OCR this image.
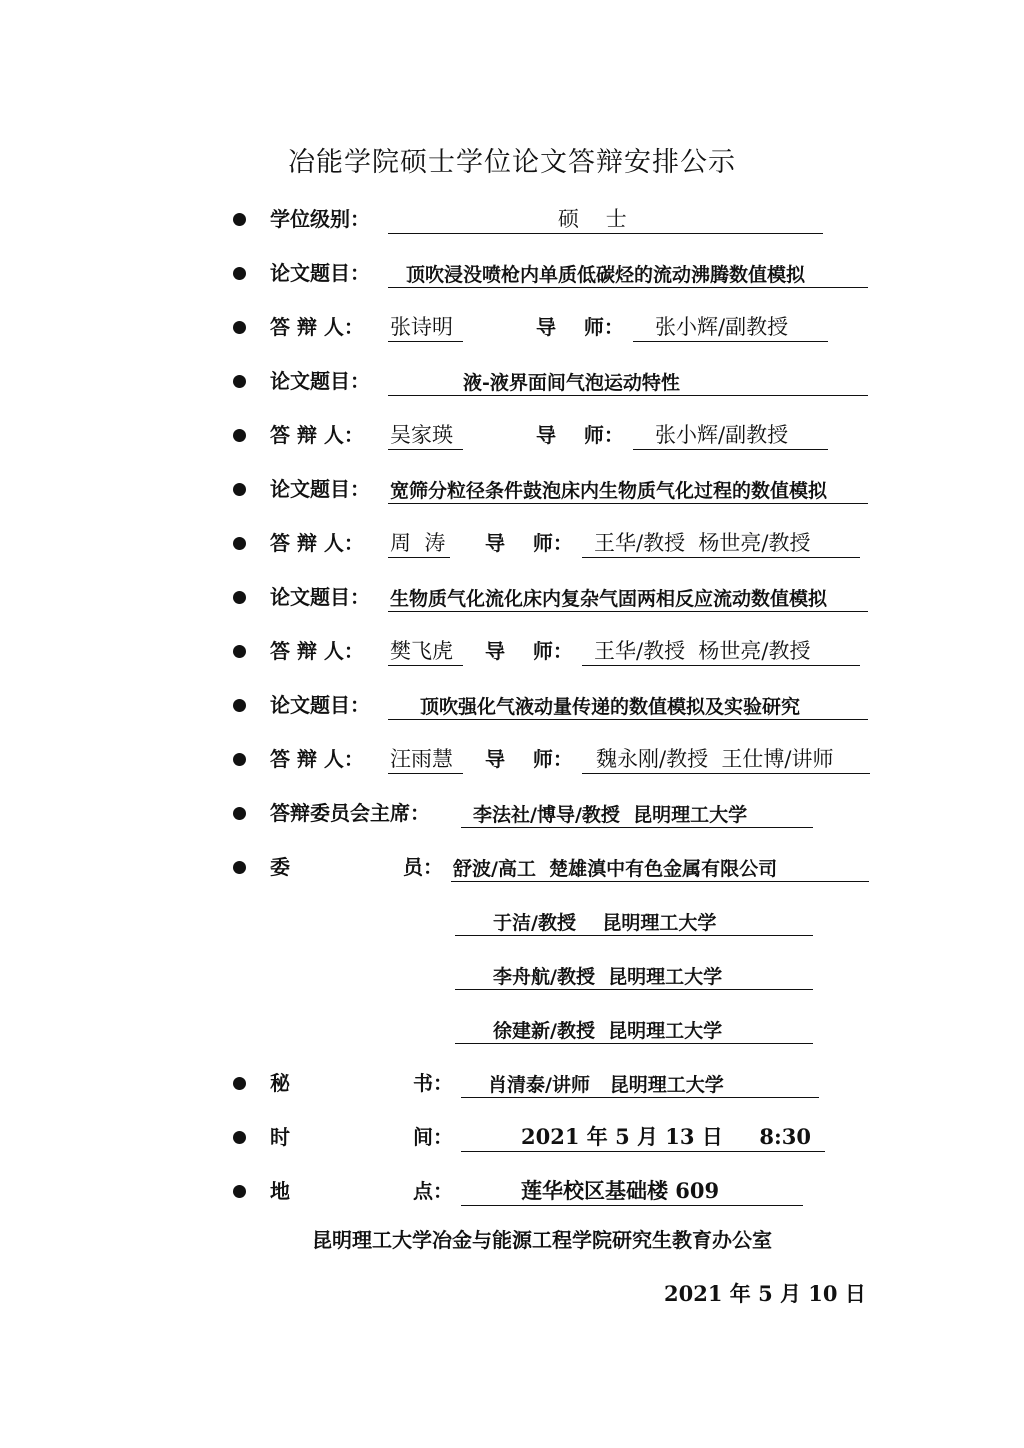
冶能学院硕士学位论文答辩安排公示
学位级别：	硕    士
论文题目： 顶吹浸没喷枪内单质低碳烃的流动沸腾数值模拟
答 辩 人： 张诗明	导    师： 张小辉/副教授
论文题目：	液-液界面间气泡运动特性
答 辩 人： 吴家瑛	导    师： 张小辉/副教授
论文题目： 宽筛分粒径条件鼓泡床内生物质气化过程的数值模拟
答 辩 人： 周  涛 导    师： 王华/教授  杨世亮/教授
论文题目： 生物质气化流化床内复杂气固两相反应流动数值模拟
答 辩 人： 樊飞虎 导    师： 王华/教授  杨世亮/教授
论文题目：	顶吹强化气液动量传递的数值模拟及实验研究
答 辩 人： 汪雨慧 导    师： 魏永刚/教授  王仕博/讲师
答辩委员会主席： 李法社/博导/教授  昆明理工大学
委	员： 舒波/高工  楚雄滇中有色金属有限公司
于洁/教授    昆明理工大学
李舟航/教授  昆明理工大学
徐建新/教授  昆明理工大学
秘	书： 肖清泰/讲师   昆明理工大学
时	间：	2021 年 5 月 13 日     8:30
地	点：	莲华校区基础楼 609
昆明理工大学冶金与能源工程学院研究生教育办公室
2021 年 5 月 10 日
